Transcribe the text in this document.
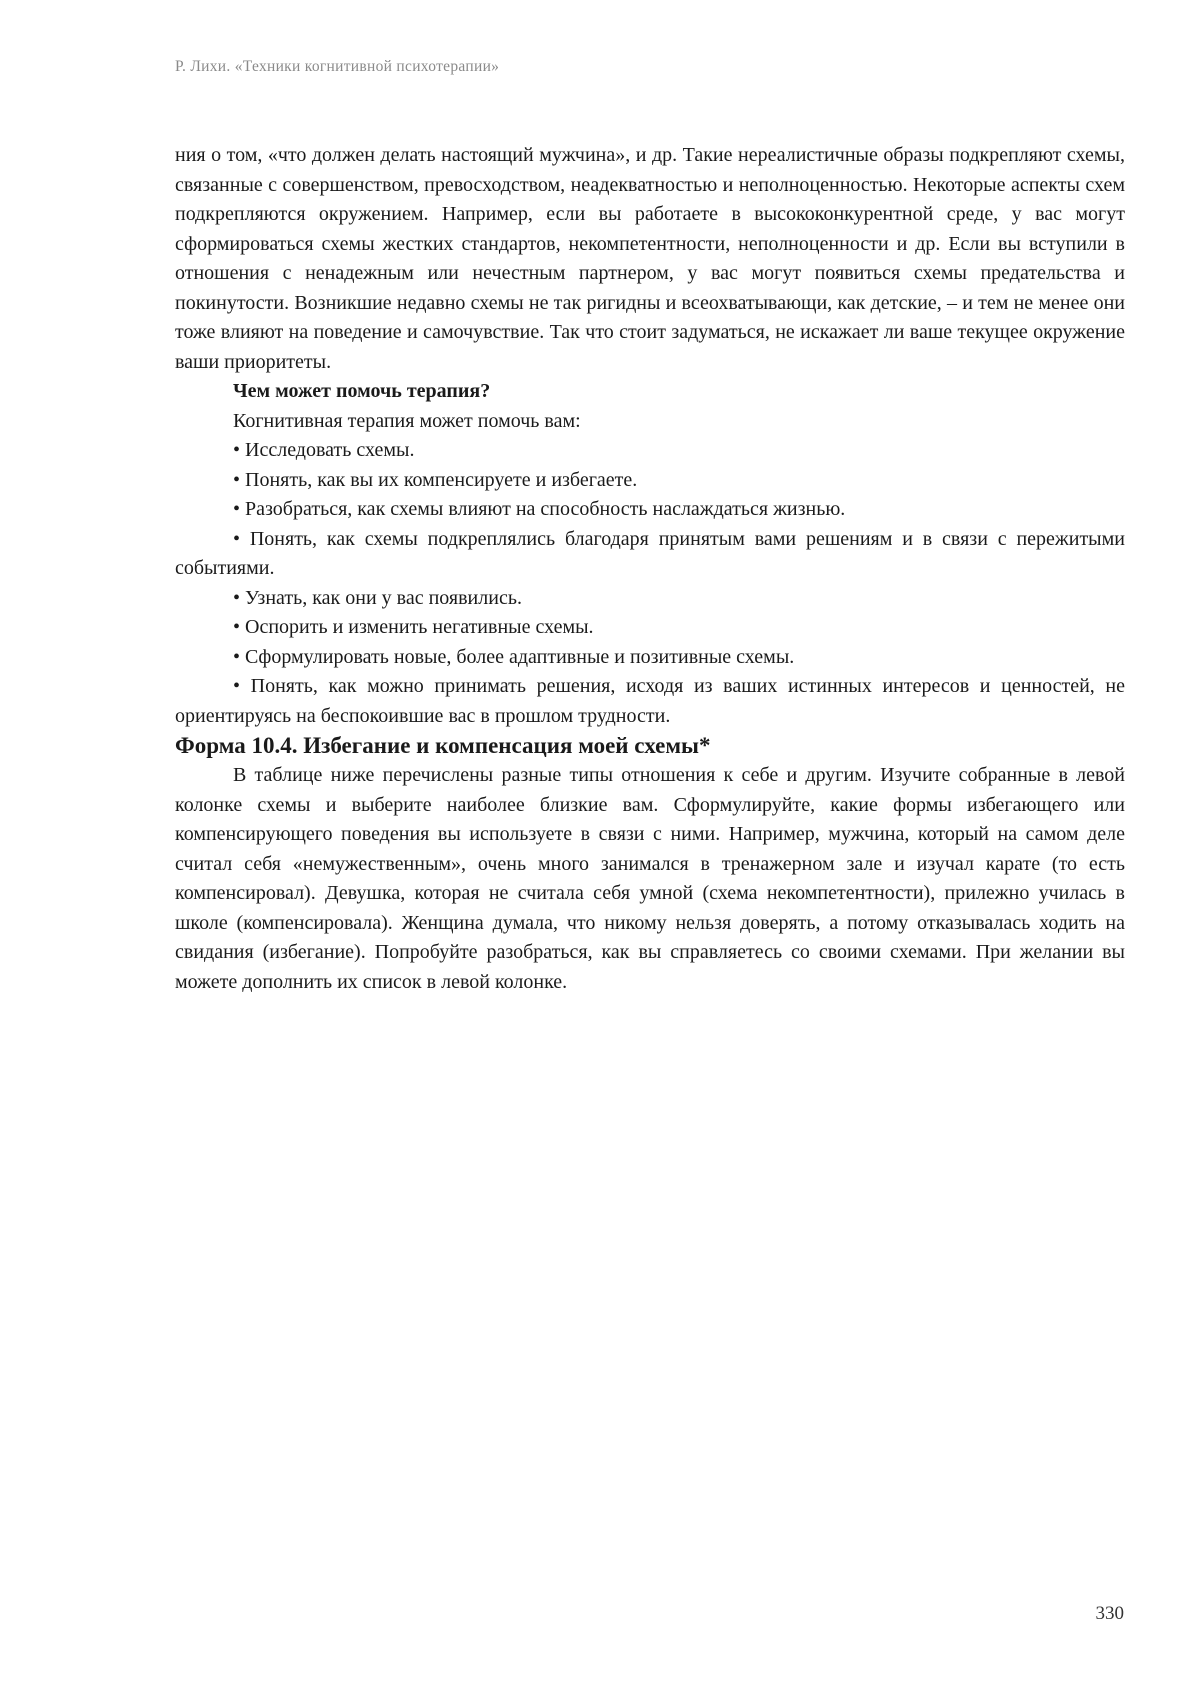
Р. Лихи. «Техники когнитивной психотерапии»

ния о том, «что должен делать настоящий мужчина», и др. Такие нереалистичные образы подкрепляют схемы, связанные с совершенством, превосходством, неадекватностью и неполноценностью. Некоторые аспекты схем подкрепляются окружением. Например, если вы работаете в высококонкурентной среде, у вас могут сформироваться схемы жестких стандартов, некомпетентности, неполноценности и др. Если вы вступили в отношения с ненадежным или нечестным партнером, у вас могут появиться схемы предательства и покинутости. Возникшие недавно схемы не так ригидны и всеохватывающи, как детские, – и тем не менее они тоже влияют на поведение и самочувствие. Так что стоит задуматься, не искажает ли ваше текущее окружение ваши приоритеты.

Чем может помочь терапия?

Когнитивная терапия может помочь вам:

• Исследовать схемы.

• Понять, как вы их компенсируете и избегаете.

• Разобраться, как схемы влияют на способность наслаждаться жизнью.

• Понять, как схемы подкреплялись благодаря принятым вами решениям и в связи с пережитыми событиями.

• Узнать, как они у вас появились.

• Оспорить и изменить негативные схемы.

• Сформулировать новые, более адаптивные и позитивные схемы.

• Понять, как можно принимать решения, исходя из ваших истинных интересов и ценностей, не ориентируясь на беспокоившие вас в прошлом трудности.

Форма 10.4. Избегание и компенсация моей схемы*

В таблице ниже перечислены разные типы отношения к себе и другим. Изучите собранные в левой колонке схемы и выберите наиболее близкие вам. Сформулируйте, какие формы избегающего или компенсирующего поведения вы используете в связи с ними. Например, мужчина, который на самом деле считал себя «немужественным», очень много занимался в тренажерном зале и изучал карате (то есть компенсировал). Девушка, которая не считала себя умной (схема некомпетентности), прилежно училась в школе (компенсировала). Женщина думала, что никому нельзя доверять, а потому отказывалась ходить на свидания (избегание). Попробуйте разобраться, как вы справляетесь со своими схемами. При желании вы можете дополнить их список в левой колонке.

330
